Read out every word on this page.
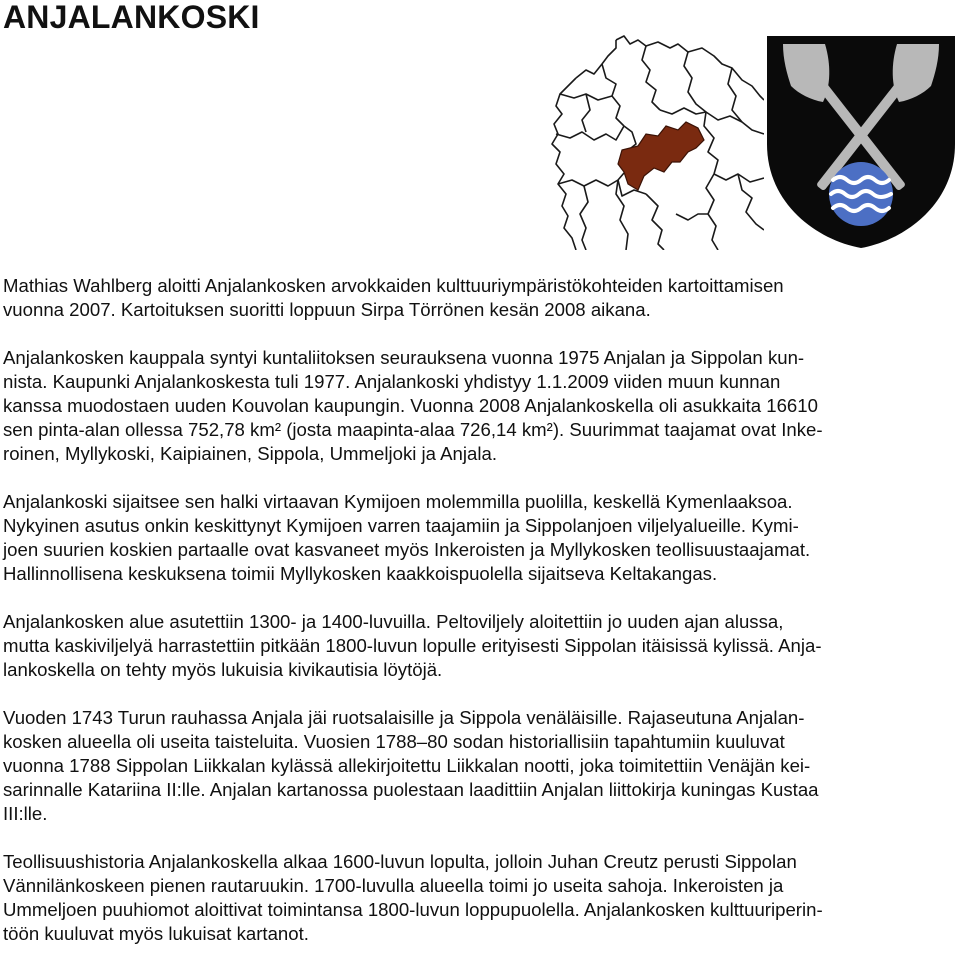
ANJALANKOSKI

Mathias Wahlberg aloitti Anjalankosken arvokkaiden kulttuuriympäristökohteiden kartoittamisen
vuonna 2007. Kartoituksen suoritti loppuun Sirpa Törrönen kesän 2008 aikana.

Anjalankosken kauppala syntyi kuntaliitoksen seurauksena vuonna 1975 Anjalan ja Sippolan kun-
nista. Kaupunki Anjalankoskesta tuli 1977. Anjalankoski yhdistyy 1.1.2009 viiden muun kunnan
kanssa muodostaen uuden Kouvolan kaupungin. Vuonna 2008 Anjalankoskella oli asukkaita 16610
sen pinta-alan ollessa 752,78 km² (josta maapinta-alaa 726,14 km²). Suurimmat taajamat ovat Inke-
roinen, Myllykoski, Kaipiainen, Sippola, Ummeljoki ja Anjala.

Anjalankoski sijaitsee sen halki virtaavan Kymijoen molemmilla puolilla, keskellä Kymenlaaksoa.
Nykyinen asutus onkin keskittynyt Kymijoen varren taajamiin ja Sippolanjoen viljelyalueille. Kymi-
joen suurien koskien partaalle ovat kasvaneet myös Inkeroisten ja Myllykosken teollisuustaajamat.
Hallinnollisena keskuksena toimii Myllykosken kaakkoispuolella sijaitseva Keltakangas.

Anjalankosken alue asutettiin 1300- ja 1400-luvuilla. Peltoviljely aloitettiin jo uuden ajan alussa,
mutta kaskiviljelyä harrastettiin pitkään 1800-luvun lopulle erityisesti Sippolan itäisissä kylissä. Anja-
lankoskella on tehty myös lukuisia kivikautisia löytöjä.

Vuoden 1743 Turun rauhassa Anjala jäi ruotsalaisille ja Sippola venäläisille. Rajaseutuna Anjalan-
kosken alueella oli useita taisteluita. Vuosien 1788–80 sodan historiallisiin tapahtumiin kuuluvat
vuonna 1788 Sippolan Liikkalan kylässä allekirjoitettu Liikkalan nootti, joka toimitettiin Venäjän kei-
sarinnalle Katariina II:lle. Anjalan kartanossa puolestaan laadittiin Anjalan liittokirja kuningas Kustaa
III:lle.

Teollisuushistoria Anjalankoskella alkaa 1600-luvun lopulta, jolloin Juhan Creutz perusti Sippolan
Vännilänkoskeen pienen rautaruukin. 1700-luvulla alueella toimi jo useita sahoja. Inkeroisten ja
Ummeljoen puuhiomot aloittivat toimintansa 1800-luvun loppupuolella. Anjalankosken kulttuuriperin-
töön kuuluvat myös lukuisat kartanot.
